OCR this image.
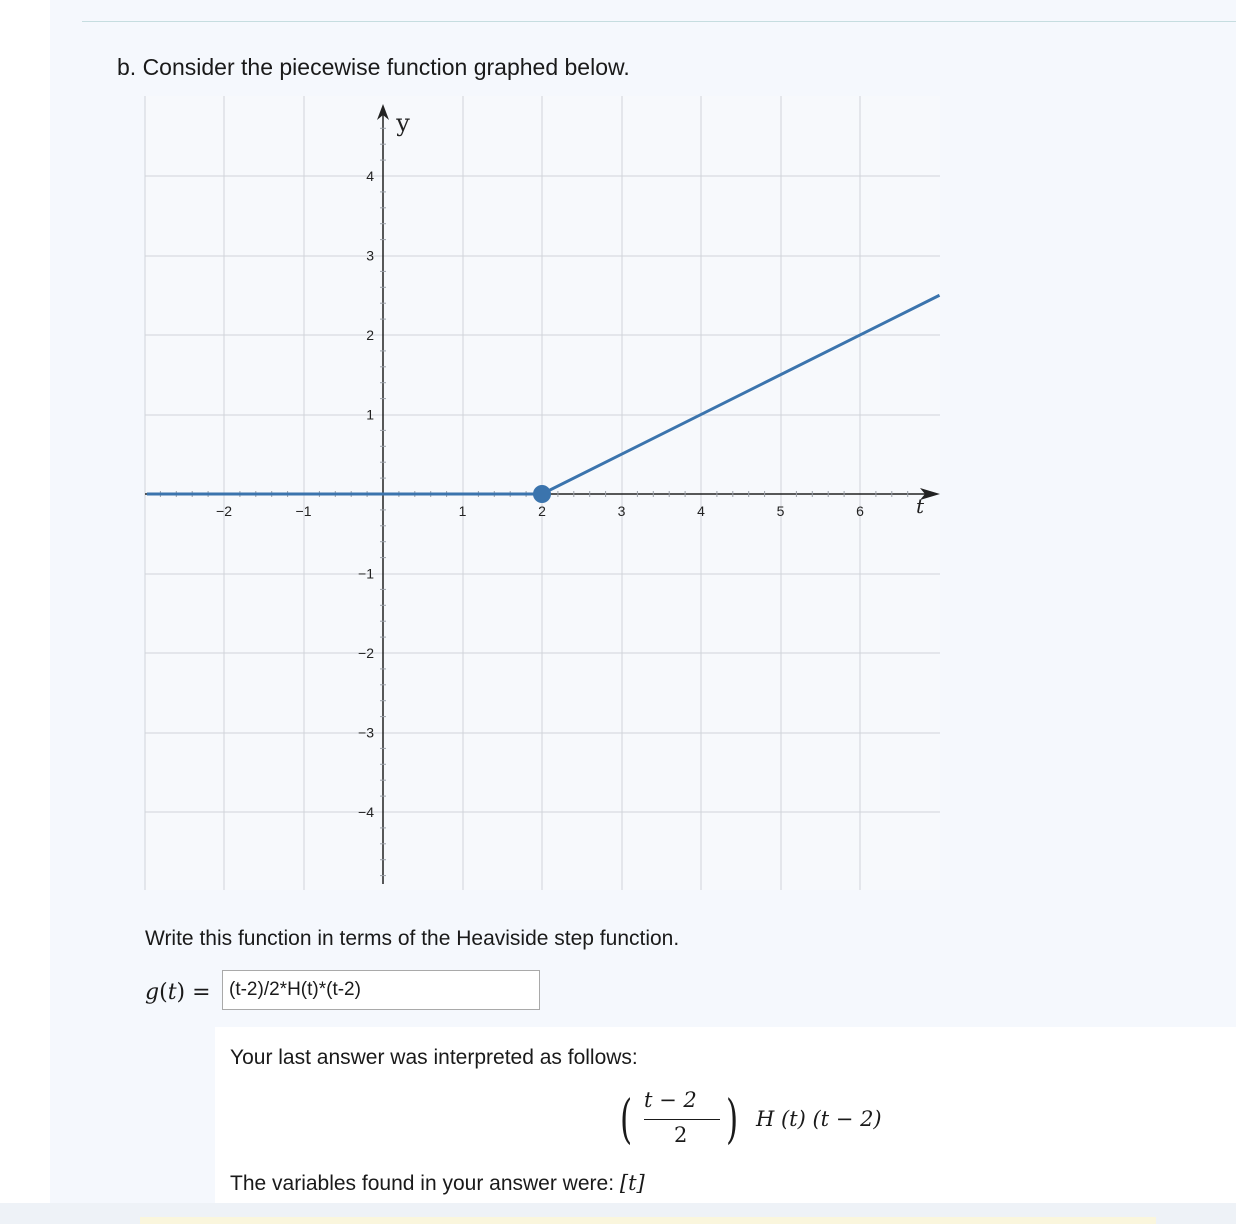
b. Consider the piecewise function graphed below.
−2	−1	1	2	3	4	5	6
4
3
2
1
−1
−2
−3
−4
t
y
Write this function in terms of the Heaviside step function.
g(t) =
(t-2)/2*H(t)*(t-2)
Your last answer was interpreted as follows:
( t − 2
2 ) H (t) (t − 2)
The variables found in your answer were: [t]
